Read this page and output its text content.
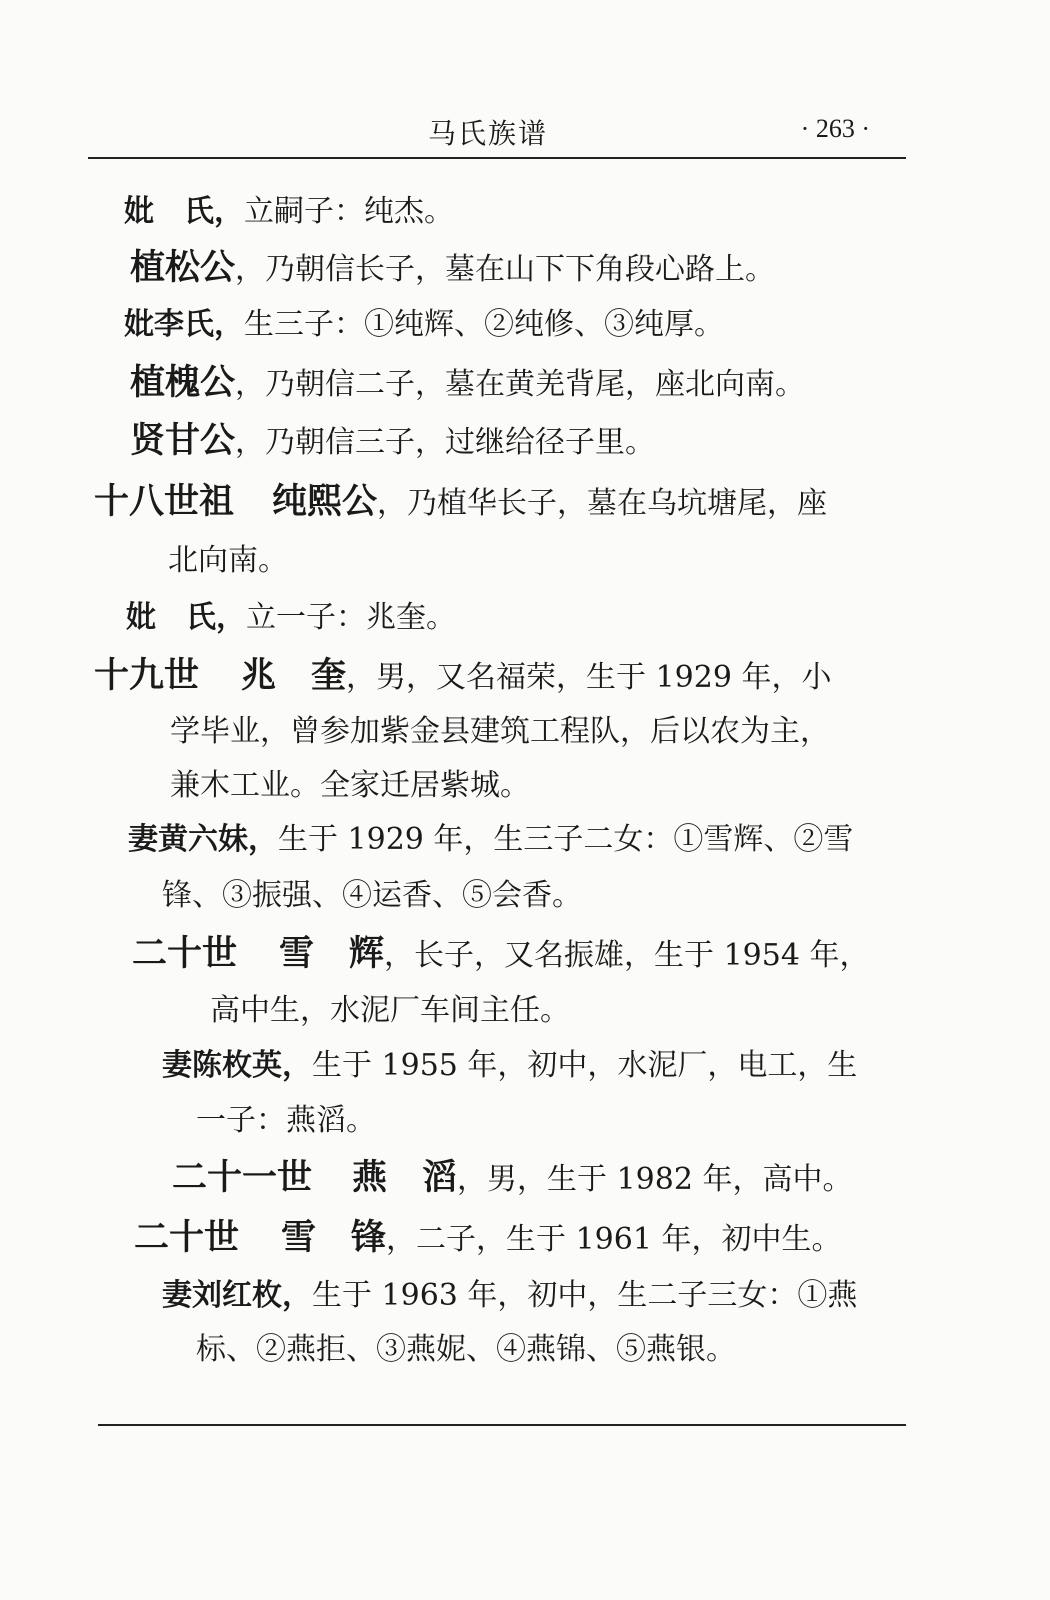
马氏族谱	· 263 ·
妣　氏，立嗣子：纯杰。
植松公，乃朝信长子，墓在山下下角段心路上。
妣李氏，生三子：①纯辉、②纯修、③纯厚。
植槐公，乃朝信二子，墓在黄羌背尾，座北向南。
贤甘公，乃朝信三子，过继给径子里。
十八世祖 纯熙公，乃植华长子，墓在乌坑塘尾，座
北向南。
妣　氏，立一子：兆奎。
十九世 兆　奎，男，又名福荣，生于 1929 年，小
学毕业，曾参加紫金县建筑工程队，后以农为主，
兼木工业。全家迁居紫城。
妻黄六妹，生于 1929 年，生三子二女：①雪辉、②雪
锋、③振强、④运香、⑤会香。
二十世 雪　辉，长子，又名振雄，生于 1954 年，
高中生，水泥厂车间主任。
妻陈枚英，生于 1955 年，初中，水泥厂，电工，生
一子：燕滔。
二十一世 燕　滔，男，生于 1982 年，高中。
二十世 雪　锋，二子，生于 1961 年，初中生。
妻刘红枚，生于 1963 年，初中，生二子三女：①燕
标、②燕拒、③燕妮、④燕锦、⑤燕银。
